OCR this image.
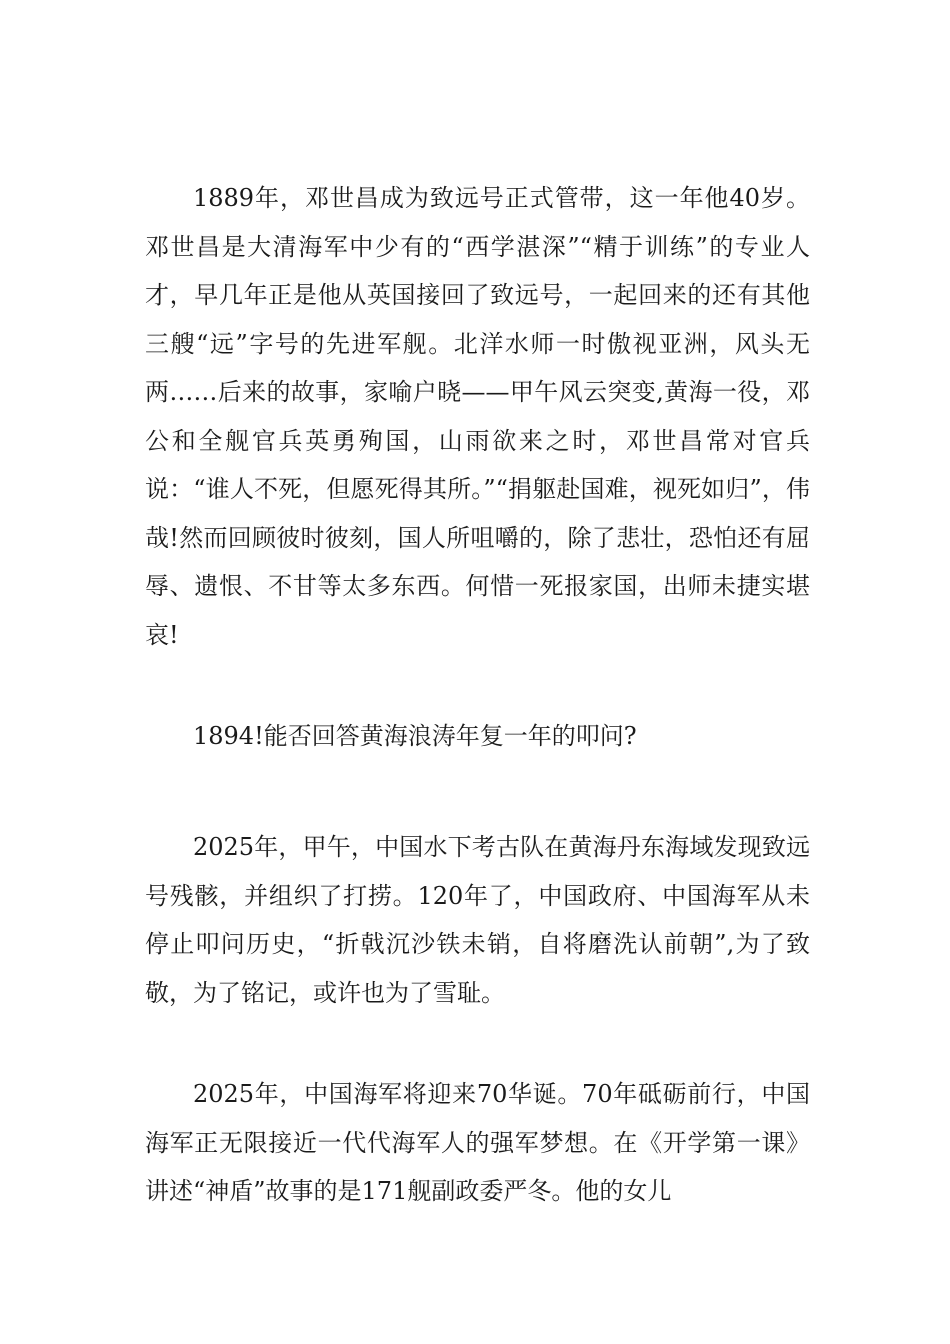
1889年，邓世昌成为致远号正式管带，这一年他40岁。邓世昌是大清海军中少有的“西学湛深”“精于训练”的专业人才，早几年正是他从英国接回了致远号，一起回来的还有其他三艘“远”字号的先进军舰。北洋水师一时傲视亚洲，风头无两……后来的故事，家喻户晓——甲午风云突变,黄海一役，邓公和全舰官兵英勇殉国，山雨欲来之时，邓世昌常对官兵说：“谁人不死，但愿死得其所。”“捐躯赴国难，视死如归”，伟哉!然而回顾彼时彼刻，国人所咀嚼的，除了悲壮，恐怕还有屈辱、遗恨、不甘等太多东西。何惜一死报家国，出师未捷实堪哀!

1894!能否回答黄海浪涛年复一年的叩问?

2025年，甲午，中国水下考古队在黄海丹东海域发现致远号残骸，并组织了打捞。120年了，中国政府、中国海军从未停止叩问历史，“折戟沉沙铁未销，自将磨洗认前朝”,为了致敬，为了铭记，或许也为了雪耻。

2025年，中国海军将迎来70华诞。70年砥砺前行，中国海军正无限接近一代代海军人的强军梦想。在《开学第一课》讲述“神盾”故事的是171舰副政委严冬。他的女儿
